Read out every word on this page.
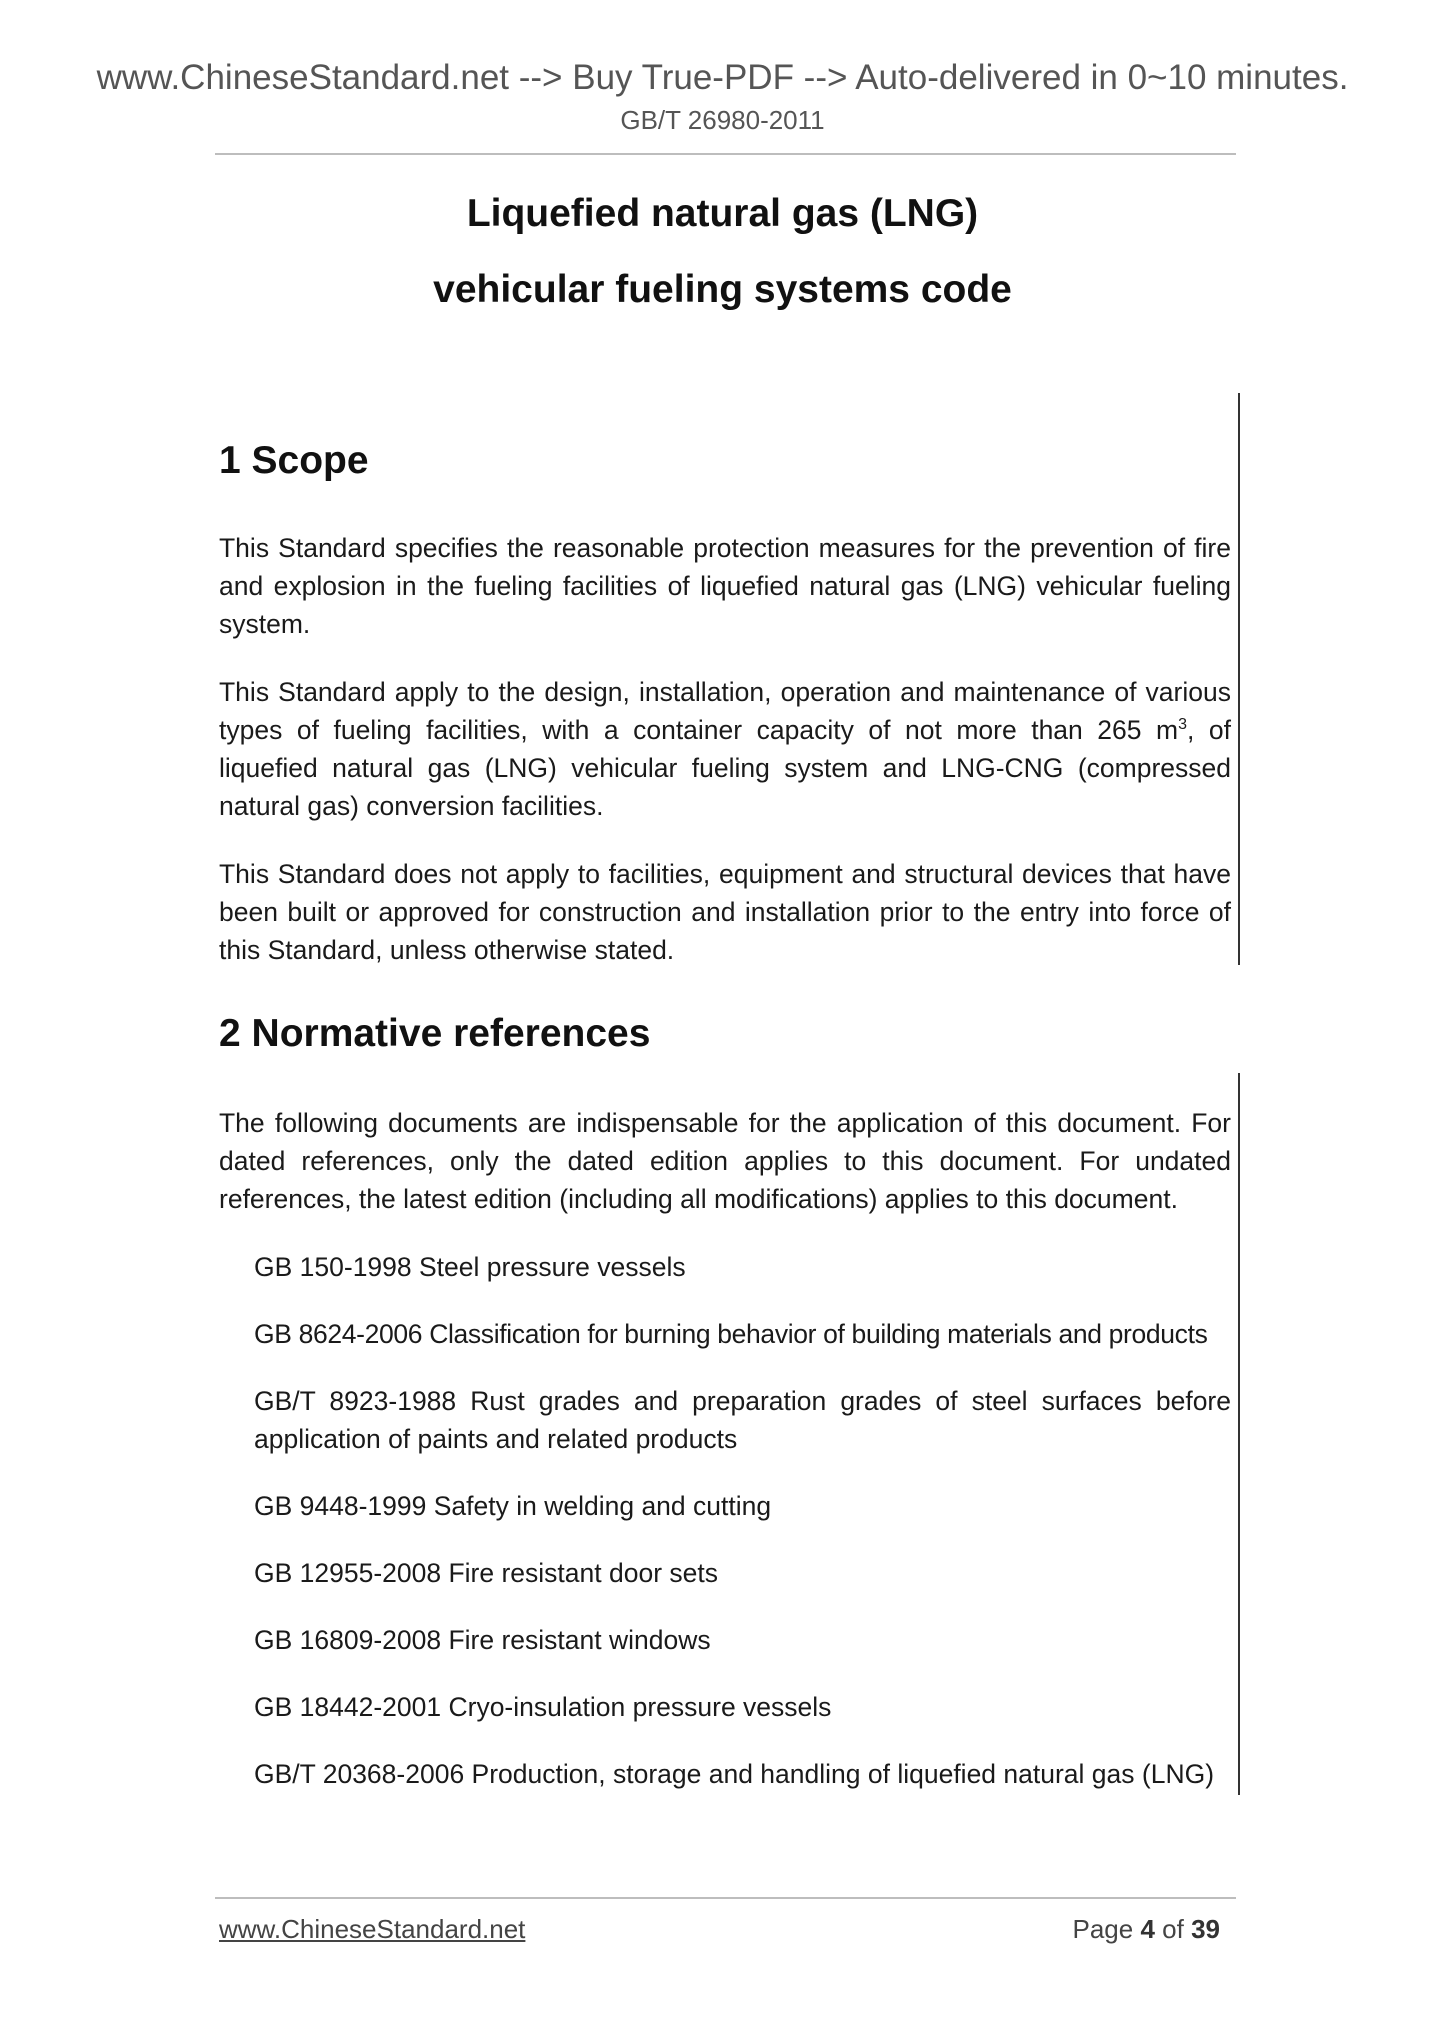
www.ChineseStandard.net --> Buy True-PDF --> Auto-delivered in 0~10 minutes.
GB/T 26980-2011
Liquefied natural gas (LNG)
vehicular fueling systems code
1 Scope

This Standard specifies the reasonable protection measures for the prevention of fire and explosion in the fueling facilities of liquefied natural gas (LNG) vehicular fueling system.

This Standard apply to the design, installation, operation and maintenance of various types of fueling facilities, with a container capacity of not more than 265 $m^3$, of liquefied natural gas (LNG) vehicular fueling system and LNG-CNG (compressed natural gas) conversion facilities.

This Standard does not apply to facilities, equipment and structural devices that have been built or approved for construction and installation prior to the entry into force of this Standard, unless otherwise stated.

2 Normative references

The following documents are indispensable for the application of this document. For dated references, only the dated edition applies to this document. For undated references, the latest edition (including all modifications) applies to this document.

GB 150-1998 Steel pressure vessels
GB 8624-2006 Classification for burning behavior of building materials and products
GB/T 8923-1988 Rust grades and preparation grades of steel surfaces before application of paints and related products
GB 9448-1999 Safety in welding and cutting
GB 12955-2008 Fire resistant door sets
GB 16809-2008 Fire resistant windows
GB 18442-2001 Cryo-insulation pressure vessels
GB/T 20368-2006 Production, storage and handling of liquefied natural gas (LNG)
www.ChineseStandard.net	Page 4 of 39
